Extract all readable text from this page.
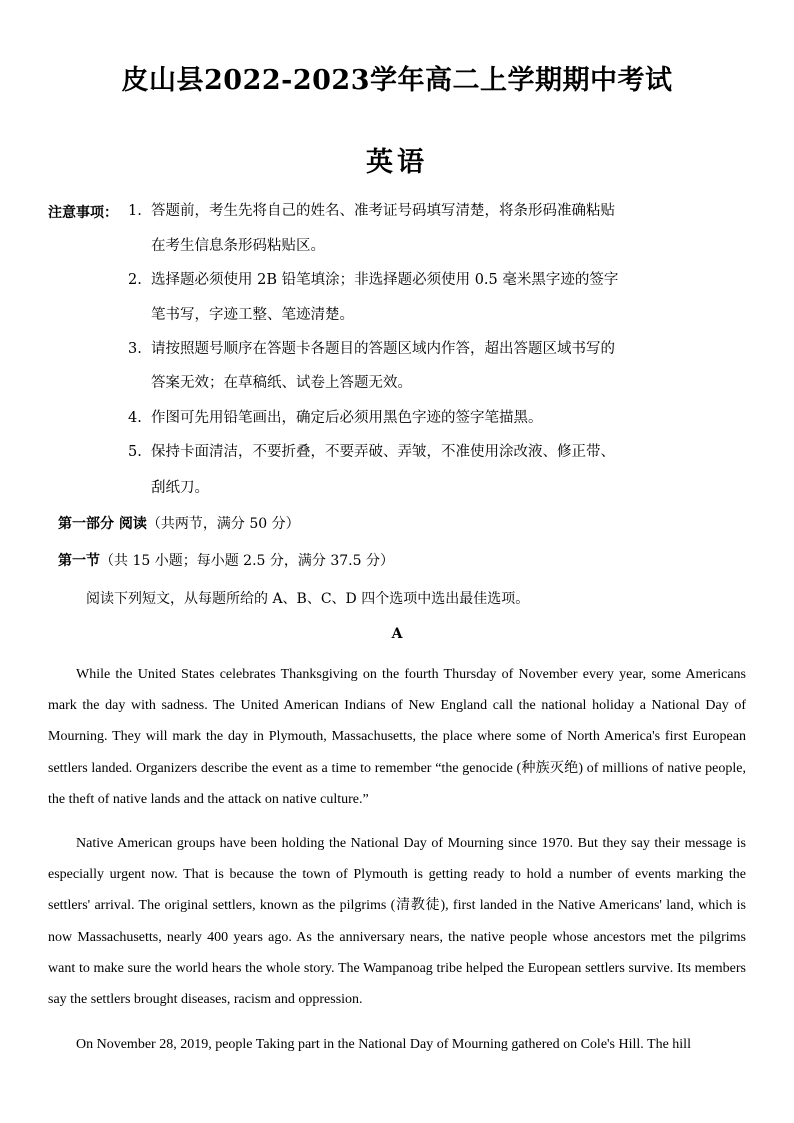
皮山县2022-2023学年高二上学期期中考试
英语
注意事项： 1. 答题前，考生先将自己的姓名、准考证号码填写清楚，将条形码准确粘贴
在考生信息条形码粘贴区。
2. 选择题必须使用 2B 铅笔填涂；非选择题必须使用 0.5 毫米黑字迹的签字
笔书写，字迹工整、笔迹清楚。
3. 请按照题号顺序在答题卡各题目的答题区域内作答，超出答题区域书写的
答案无效；在草稿纸、试卷上答题无效。
4. 作图可先用铅笔画出，确定后必须用黑色字迹的签字笔描黑。
5. 保持卡面清洁，不要折叠，不要弄破、弄皱，不准使用涂改液、修正带、
刮纸刀。
第一部分 阅读（共两节，满分 50 分）
第一节（共 15 小题；每小题 2.5 分，满分 37.5 分）
阅读下列短文，从每题所给的 A、B、C、D 四个选项中选出最佳选项。
A

While the United States celebrates Thanksgiving on the fourth Thursday of November every year, some Americans mark the day with sadness. The United American Indians of New England call the national holiday a National Day of Mourning. They will mark the day in Plymouth, Massachusetts, the place where some of North America's first European settlers landed. Organizers describe the event as a time to remember “the genocide (种族灭绝) of millions of native people, the theft of native lands and the attack on native culture.”

Native American groups have been holding the National Day of Mourning since 1970. But they say their message is especially urgent now. That is because the town of Plymouth is getting ready to hold a number of events marking the settlers' arrival. The original settlers, known as the pilgrims (清教徒), first landed in the Native Americans' land, which is now Massachusetts, nearly 400 years ago. As the anniversary nears, the native people whose ancestors met the pilgrims want to make sure the world hears the whole story. The Wampanoag tribe helped the European settlers survive. Its members say the settlers brought diseases, racism and oppression.

On November 28, 2019, people Taking part in the National Day of Mourning gathered on Cole's Hill. The hill
